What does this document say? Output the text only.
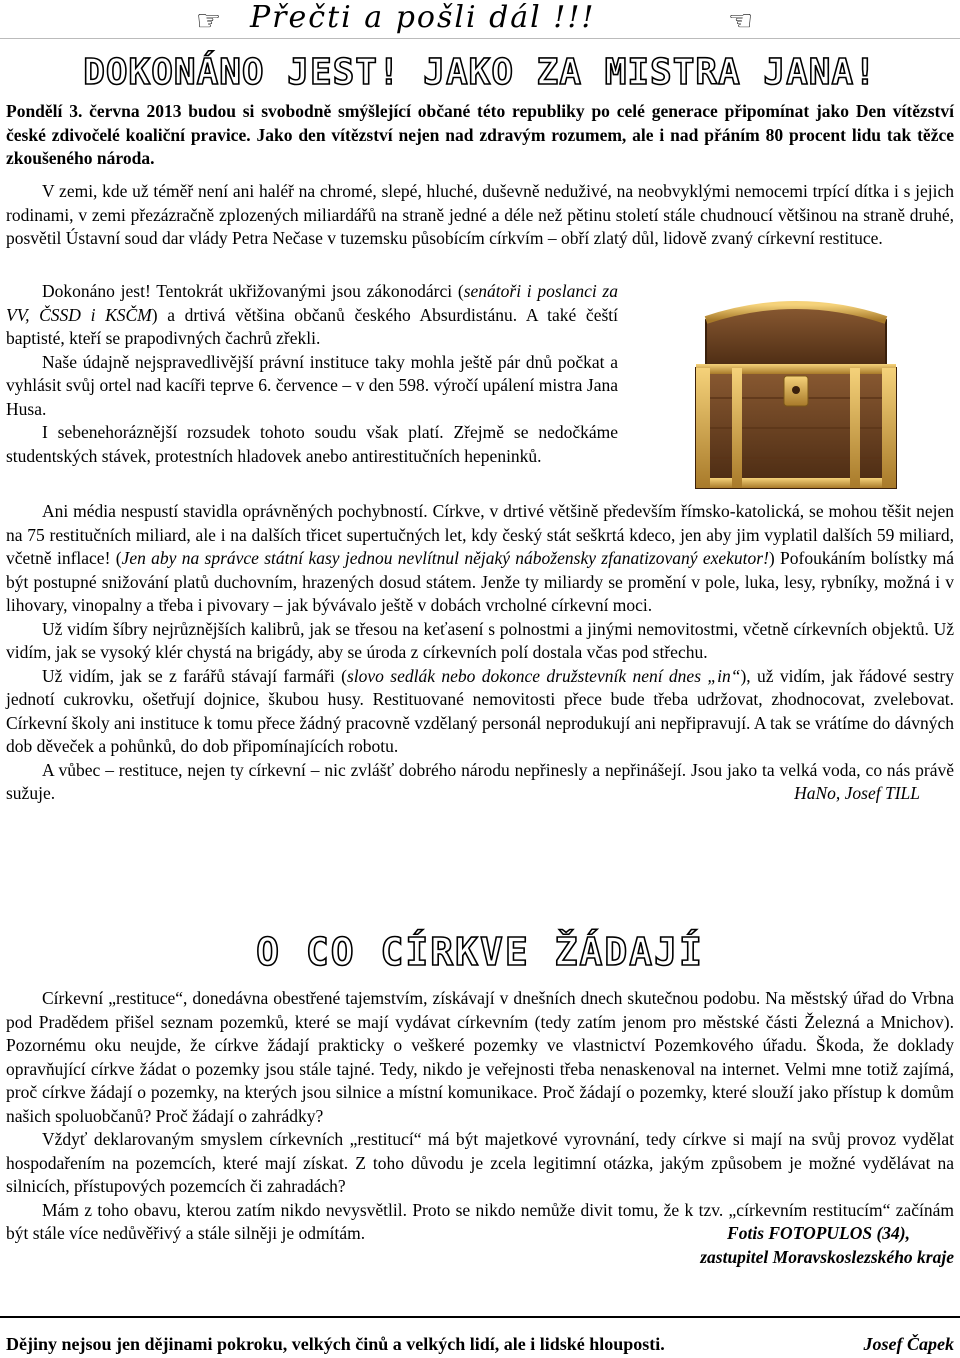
☞ Přečti a pošli dál !!!	☜
DOKONÁNO JEST! JAKO ZA MISTRA JANA!
Pondělí 3. června 2013 budou si svobodně smýšlející občané této republiky po celé generace připomínat jako Den vítězství české zdivočelé koaliční pravice. Jako den vítězství nejen nad zdravým rozumem, ale i nad přáním 80 procent lidu tak těžce zkoušeného národa.

V zemi, kde už téměř není ani haléř na chromé, slepé, hluché, duševně neduživé, na neobvyklými nemocemi trpící dítka i s jejich rodinami, v zemi přezázračně zplozených miliardářů na straně jedné a déle než pětinu století stále chudnoucí většinou na straně druhé, posvětil Ústavní soud dar vlády Petra Nečase v tuzemsku působícím církvím – obří zlatý důl, lidově zvaný církevní restituce.

Dokonáno jest! Tentokrát ukřižovanými jsou zákonodárci (senátoři i poslanci za VV, ČSSD i KSČM) a drtivá většina občanů českého Absurdistánu. A také čeští baptisté, kteří se prapodivných čachrů zřekli.

Naše údajně nejspravedlivější právní instituce taky mohla ještě pár dnů počkat a vyhlásit svůj ortel nad kacíři teprve 6. července – v den 598. výročí upálení mistra Jana Husa.

I sebenehoráznější rozsudek tohoto soudu však platí. Zřejmě se nedočkáme studentských stávek, protestních hladovek anebo antirestitučních hepeninků.

Ani média nespustí stavidla oprávněných pochybností. Církve, v drtivé většině především římsko-katolická, se mohou těšit nejen na 75 restitučních miliard, ale i na dalších třicet supertučných let, kdy český stát seškrtá kdeco, jen aby jim vyplatil dalších 59 miliard, včetně inflace! (Jen aby na správce státní kasy jednou nevlítnul nějaký nábožensky zfanatizovaný exekutor!) Pofoukáním bolístky má být postupné snižování platů duchovním, hrazených dosud státem. Jenže ty miliardy se promění v pole, luka, lesy, rybníky, možná i v lihovary, vinopalny a třeba i pivovary – jak bývávalo ještě v dobách vrcholné církevní moci.

Už vidím šíbry nejrůznějších kalibrů, jak se třesou na keťasení s polnostmi a jinými nemovitostmi, včetně církevních objektů. Už vidím, jak se vysoký klér chystá na brigády, aby se úroda z církevních polí dostala včas pod střechu.

Už vidím, jak se z farářů stávají farmáři (slovo sedlák nebo dokonce družstevník není dnes „in“), už vidím, jak řádové sestry jednotí cukrovku, ošetřují dojnice, škubou husy. Restituované nemovitosti přece bude třeba udržovat, zhodnocovat, zvelebovat. Církevní školy ani instituce k tomu přece žádný pracovně vzdělaný personál neprodukují ani nepřipravují. A tak se vrátíme do dávných dob děveček a pohůnků, do dob připomínajících robotu.

A vůbec – restituce, nejen ty církevní – nic zvlášť dobrého národu nepřinesly a nepřinášejí. Jsou jako ta velká voda, co nás právě sužuje.	HaNo, Josef TILL

O CO CÍRKVE ŽÁDAJÍ

Církevní „restituce“, donedávna obestřené tajemstvím, získávají v dnešních dnech skutečnou podobu. Na městský úřad do Vrbna pod Pradědem přišel seznam pozemků, které se mají vydávat církevním (tedy zatím jenom pro městské části Železná a Mnichov). Pozornému oku neujde, že církve žádají prakticky o veškeré pozemky ve vlastnictví Pozemkového úřadu. Škoda, že doklady opravňující církve žádat o pozemky jsou stále tajné. Tedy, nikdo je veřejnosti třeba nenaskenoval na internet. Velmi mne totiž zajímá, proč církve žádají o pozemky, na kterých jsou silnice a místní komunikace. Proč žádají o pozemky, které slouží jako přístup k domům našich spoluobčanů? Proč žádají o zahrádky?

Vždyť deklarovaným smyslem církevních „restitucí“ má být majetkové vyrovnání, tedy církve si mají na svůj provoz vydělat hospodařením na pozemcích, které mají získat. Z toho důvodu je zcela legitimní otázka, jakým způsobem je možné vydělávat na silnicích, přístupových pozemcích či zahradách?

Mám z toho obavu, kterou zatím nikdo nevysvětlil. Proto se nikdo nemůže divit tomu, že k tzv. „církevním restitucím“ začínám být stále více nedůvěřivý a stále silněji je odmítám.	Fotis FOTOPULOS (34),

zastupitel Moravskoslezského kraje
Dějiny nejsou jen dějinami pokroku, velkých činů a velkých lidí, ale i lidské hlouposti.	Josef Čapek
